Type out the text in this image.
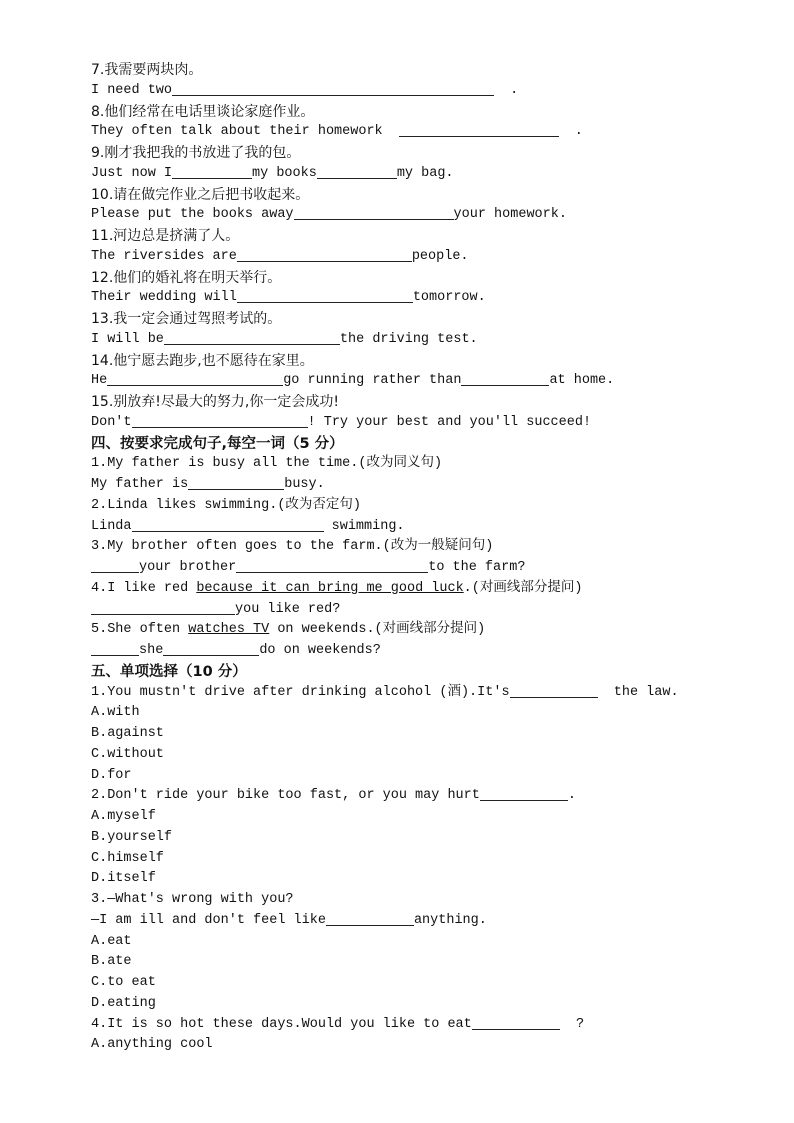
7.我需要两块肉。
I need two	.
8.他们经常在电话里谈论家庭作业。
They often talk about their homework	.
9.刚才我把我的书放进了我的包。
Just now I	my books	my bag.
10.请在做完作业之后把书收起来。
Please put the books away	your homework.
11.河边总是挤满了人。
The riversides are	people.
12.他们的婚礼将在明天举行。
Their wedding will	tomorrow.
13.我一定会通过驾照考试的。
I will be	the driving test.
14.他宁愿去跑步,也不愿待在家里。
He	go running rather than	at home.
15.别放弃!尽最大的努力,你一定会成功!
Don't	! Try your best and you'll succeed!
四、按要求完成句子,每空一词（5 分）
1.My father is busy all the time.(改为同义句)
My father is	busy.
2.Linda likes swimming.(改为否定句)
Linda	swimming.
3.My brother often goes to the farm.(改为一般疑问句)
your brother	to the farm?
4.I like red because it can bring me good luck.(对画线部分提问)
you like red?
5.She often watches TV on weekends.(对画线部分提问)
she	do on weekends?
五、单项选择（10 分）
1.You mustn't drive after drinking alcohol (酒).It's	the law.
A.with
B.against
C.without
D.for
2.Don't ride your bike too fast, or you may hurt	.
A.myself
B.yourself
C.himself
D.itself
3.—What's wrong with you?
—I am ill and don't feel like	anything.
A.eat
B.ate
C.to eat
D.eating
4.It is so hot these days.Would you like to eat	?
A.anything cool
